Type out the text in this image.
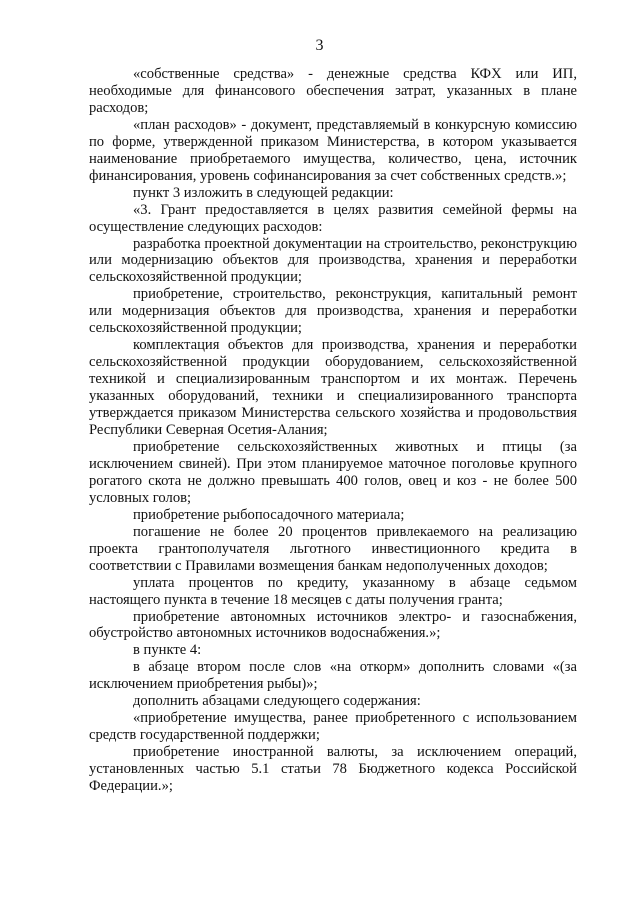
3

«собственные средства» - денежные средства КФХ или ИП, необходимые для финансового обеспечения затрат, указанных в плане расходов;

«план расходов» - документ, представляемый в конкурсную комиссию по форме, утвержденной приказом Министерства, в котором указывается наименование приобретаемого имущества, количество, цена, источник финансирования, уровень софинансирования за счет собственных средств.»;

пункт 3 изложить в следующей редакции:

«3. Грант предоставляется в целях развития семейной фермы на осуществление следующих расходов:

разработка проектной документации на строительство, реконструкцию или модернизацию объектов для производства, хранения и переработки сельскохозяйственной продукции;

приобретение, строительство, реконструкция, капитальный ремонт или модернизация объектов для производства, хранения и переработки сельскохозяйственной продукции;

комплектация объектов для производства, хранения и переработки сельскохозяйственной продукции оборудованием, сельскохозяйственной техникой и специализированным транспортом и их монтаж. Перечень указанных оборудований, техники и специализированного транспорта утверждается приказом Министерства сельского хозяйства и продовольствия Республики Северная Осетия-Алания;

приобретение сельскохозяйственных животных и птицы (за исключением свиней). При этом планируемое маточное поголовье крупного рогатого скота не должно превышать 400 голов, овец и коз - не более 500 условных голов;

приобретение рыбопосадочного материала;

погашение не более 20 процентов привлекаемого на реализацию проекта грантополучателя льготного инвестиционного кредита в соответствии с Правилами возмещения банкам недополученных доходов;

уплата процентов по кредиту, указанному в абзаце седьмом настоящего пункта в течение 18 месяцев с даты получения гранта;

приобретение автономных источников электро- и газоснабжения, обустройство автономных источников водоснабжения.»;

в пункте 4:

в абзаце втором после слов «на откорм» дополнить словами «(за исключением приобретения рыбы)»;

дополнить абзацами следующего содержания:

«приобретение имущества, ранее приобретенного с использованием средств государственной поддержки;

приобретение иностранной валюты, за исключением операций, установленных частью 5.1 статьи 78 Бюджетного кодекса Российской Федерации.»;
